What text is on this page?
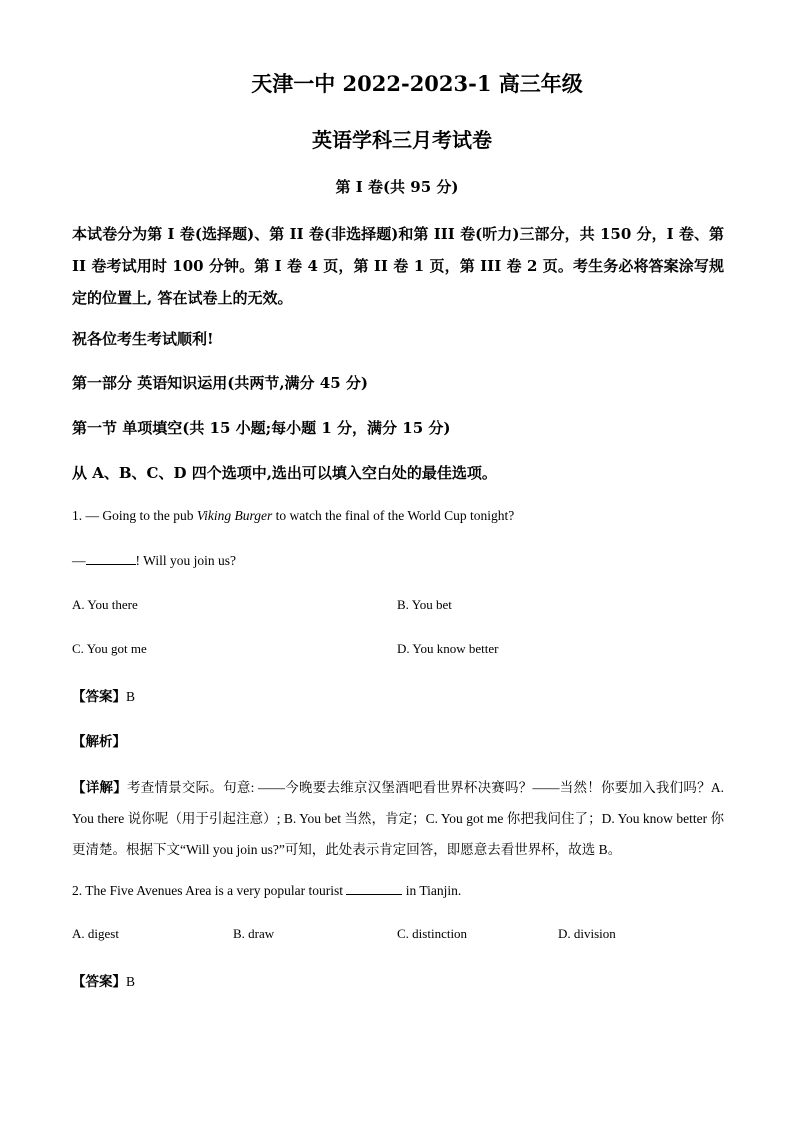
天津一中 2022-2023-1 高三年级
英语学科三月考试卷
第 I 卷(共 95 分)
本试卷分为第 I 卷(选择题)、第 II 卷(非选择题)和第 III 卷(听力)三部分，共 150 分，I 卷、第 II 卷考试用时 100 分钟。第 I 卷 4 页，第 II 卷 1 页，第 III 卷 2 页。考生务必将答案涂写规定的位置上, 答在试卷上的无效。
祝各位考生考试顺利!
第一部分 英语知识运用(共两节,满分 45 分)
第一节 单项填空(共 15 小题;每小题 1 分，满分 15 分)
从 A、B、C、D 四个选项中,选出可以填入空白处的最佳选项。
1. — Going to the pub Viking Burger to watch the final of the World Cup tonight?
—	! Will you join us?
A. You there	B. You bet
C. You got me	D. You know better
【答案】B
【解析】
【详解】考查情景交际。句意: ——今晚要去维京汉堡酒吧看世界杯决赛吗？——当然！你要加入我们吗？A. You there 说你呢（用于引起注意）; B. You bet 当然，肯定；C. You got me 你把我问住了；D. You know better 你更清楚。根据下文“Will you join us?”可知，此处表示肯定回答，即愿意去看世界杯，故选 B。
2. The Five Avenues Area is a very popular tourist	in Tianjin.
A. digest	B. draw	C. distinction	D. division
【答案】B
